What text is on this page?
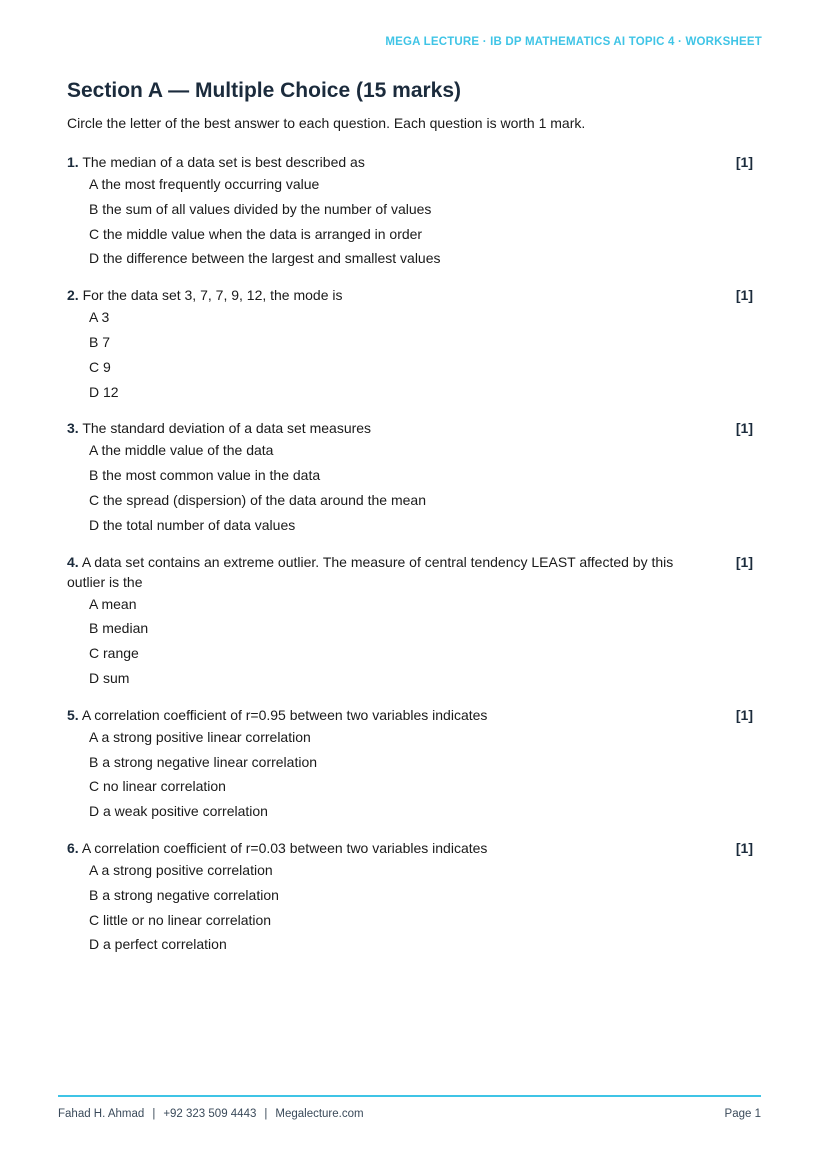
MEGA LECTURE · IB DP MATHEMATICS AI TOPIC 4 · WORKSHEET
Section A — Multiple Choice (15 marks)
Circle the letter of the best answer to each question. Each question is worth 1 mark.
1. The median of a data set is best described as	[1]
A the most frequently occurring value
B the sum of all values divided by the number of values
C the middle value when the data is arranged in order
D the difference between the largest and smallest values
2. For the data set 3, 7, 7, 9, 12, the mode is	[1]
A 3
B 7
C 9
D 12
3. The standard deviation of a data set measures	[1]
A the middle value of the data
B the most common value in the data
C the spread (dispersion) of the data around the mean
D the total number of data values
4. A data set contains an extreme outlier. The measure of central tendency LEAST affected by this outlier is the
[1]
A mean
B median
C range
D sum
5. A correlation coefficient of r=0.95 between two variables indicates	[1]
A a strong positive linear correlation
B a strong negative linear correlation
C no linear correlation
D a weak positive correlation
6. A correlation coefficient of r=0.03 between two variables indicates	[1]
A a strong positive correlation
B a strong negative correlation
C little or no linear correlation
D a perfect correlation
Fahad H. Ahmad | +92 323 509 4443 | Megalecture.com	Page 1
